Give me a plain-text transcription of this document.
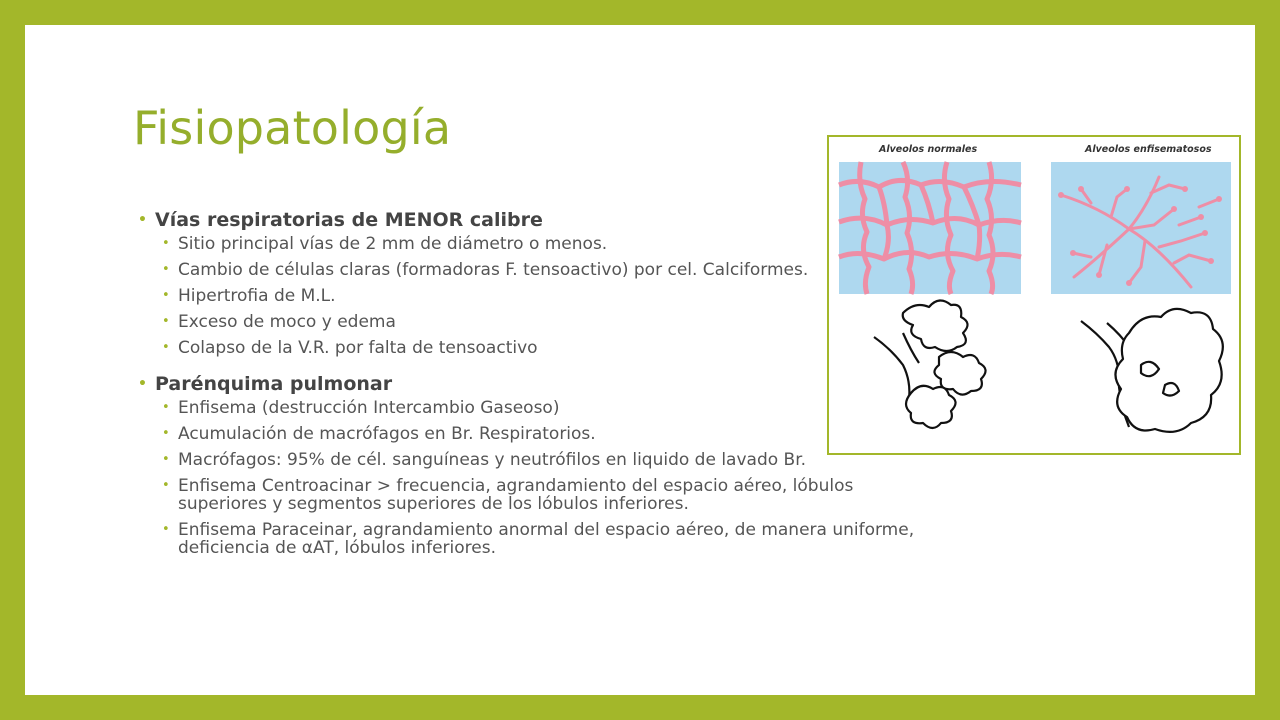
Fisiopatología
• Vías respiratorias de MENOR calibre
• Sitio principal vías de 2 mm de diámetro o menos.
• Cambio de células claras (formadoras F. tensoactivo) por cel. Calciformes.
• Hipertrofia de M.L.
• Exceso de moco y edema
• Colapso de la V.R. por falta de tensoactivo
• Parénquima pulmonar
• Enfisema (destrucción Intercambio Gaseoso)
• Acumulación de macrófagos en Br. Respiratorios.
• Macrófagos: 95% de cél. sanguíneas y neutrófilos en liquido de lavado Br.
• Enfisema Centroacinar > frecuencia, agrandamiento del espacio aéreo, lóbulos superiores y segmentos superiores de los lóbulos inferiores.
• Enfisema Paraceinar, agrandamiento anormal del espacio aéreo, de manera uniforme, deficiencia de αAT, lóbulos inferiores.
Alveolos normales	Alveolos enfisematosos
